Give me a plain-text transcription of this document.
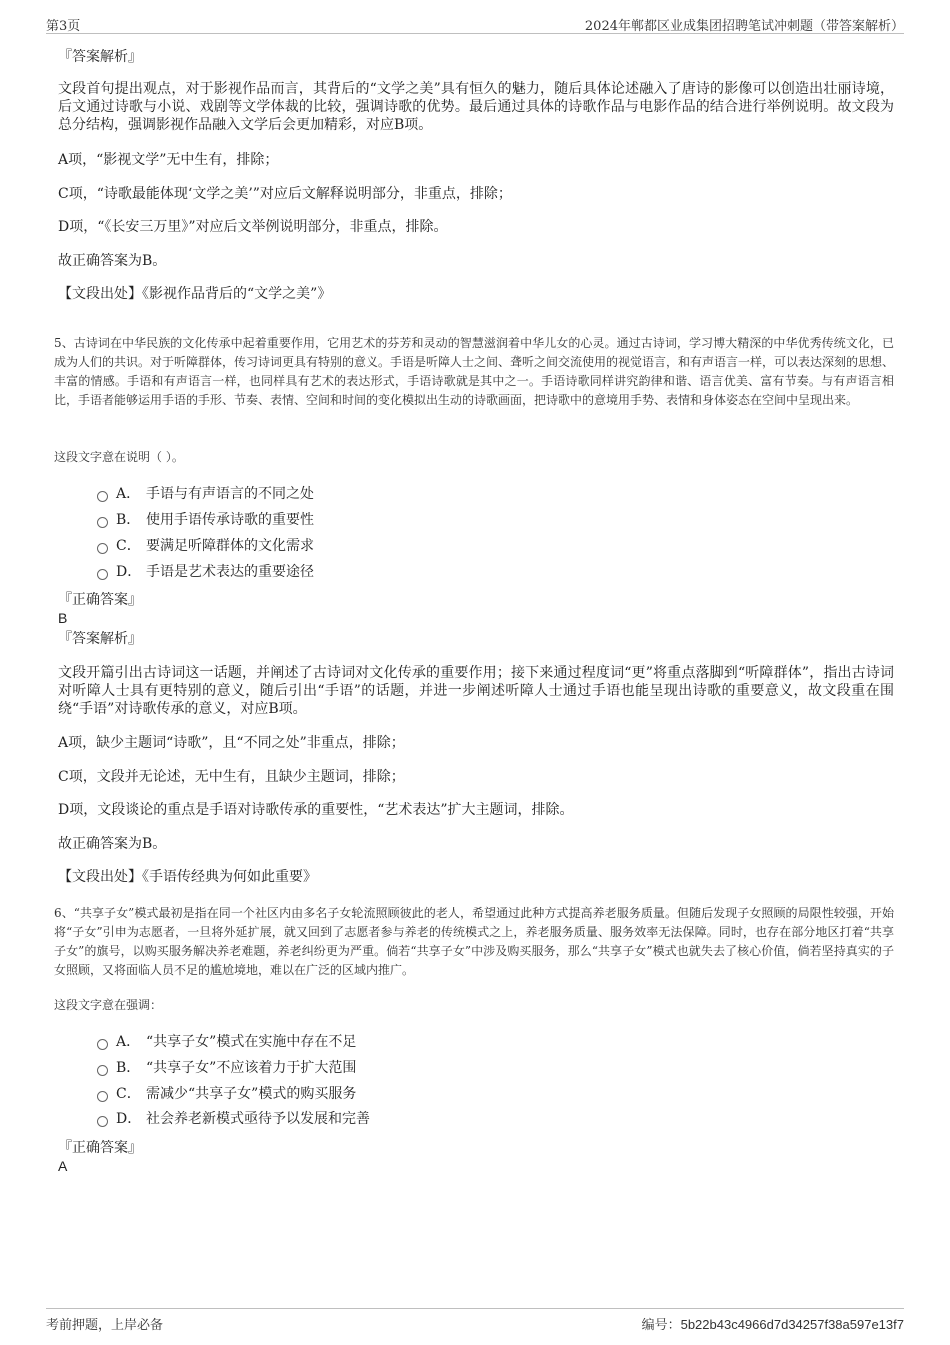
第3页	2024年郸都区业成集团招聘笔试冲刺题（带答案解析）
『答案解析』
文段首句提出观点，对于影视作品而言，其背后的“文学之美”具有恒久的魅力，随后具体论述融入了唐诗的影像可以创造出壮丽诗境，后文通过诗歌与小说、戏剧等文学体裁的比较，强调诗歌的优势。最后通过具体的诗歌作品与电影作品的结合进行举例说明。故文段为总分结构，强调影视作品融入文学后会更加精彩，对应B项。
A项，“影视文学”无中生有，排除；
C项，“诗歌最能体现‘文学之美’”对应后文解释说明部分，非重点，排除；
D项，“《长安三万里》”对应后文举例说明部分，非重点，排除。
故正确答案为B。
【文段出处】《影视作品背后的“文学之美”》
5、古诗词在中华民族的文化传承中起着重要作用，它用艺术的芬芳和灵动的智慧滋润着中华儿女的心灵。通过古诗词，学习博大精深的中华优秀传统文化，已成为人们的共识。对于听障群体，传习诗词更具有特别的意义。手语是听障人士之间、聋听之间交流使用的视觉语言，和有声语言一样，可以表达深刻的思想、丰富的情感。手语和有声语言一样，也同样具有艺术的表达形式，手语诗歌就是其中之一。手语诗歌同样讲究韵律和谐、语言优美、富有节奏。与有声语言相比，手语者能够运用手语的手形、节奏、表情、空间和时间的变化模拟出生动的诗歌画面，把诗歌中的意境用手势、表情和身体姿态在空间中呈现出来。
这段文字意在说明（ ）。
A． 手语与有声语言的不同之处
B． 使用手语传承诗歌的重要性
C． 要满足听障群体的文化需求
D． 手语是艺术表达的重要途径
『正确答案』
B
『答案解析』
文段开篇引出古诗词这一话题，并阐述了古诗词对文化传承的重要作用；接下来通过程度词“更”将重点落脚到“听障群体”，指出古诗词对听障人士具有更特别的意义，随后引出“手语”的话题，并进一步阐述听障人士通过手语也能呈现出诗歌的重要意义，故文段重在围绕“手语”对诗歌传承的意义，对应B项。
A项，缺少主题词“诗歌”，且“不同之处”非重点，排除；
C项，文段并无论述，无中生有，且缺少主题词，排除；
D项，文段谈论的重点是手语对诗歌传承的重要性，“艺术表达”扩大主题词，排除。
故正确答案为B。
【文段出处】《手语传经典为何如此重要》
6、“共享子女”模式最初是指在同一个社区内由多名子女轮流照顾彼此的老人，希望通过此种方式提高养老服务质量。但随后发现子女照顾的局限性较强，开始将“子女”引申为志愿者，一旦将外延扩展，就又回到了志愿者参与养老的传统模式之上，养老服务质量、服务效率无法保障。同时，也存在部分地区打着“共享子女”的旗号，以购买服务解决养老难题，养老纠纷更为严重。倘若“共享子女”中涉及购买服务，那么“共享子女”模式也就失去了核心价值，倘若坚持真实的子女照顾，又将面临人员不足的尴尬境地，难以在广泛的区域内推广。
这段文字意在强调：
A． “共享子女”模式在实施中存在不足
B． “共享子女”不应该着力于扩大范围
C． 需减少“共享子女”模式的购买服务
D． 社会养老新模式亟待予以发展和完善
『正确答案』
A
考前押题，上岸必备	编号：5b22b43c4966d7d34257f38a597e13f7
